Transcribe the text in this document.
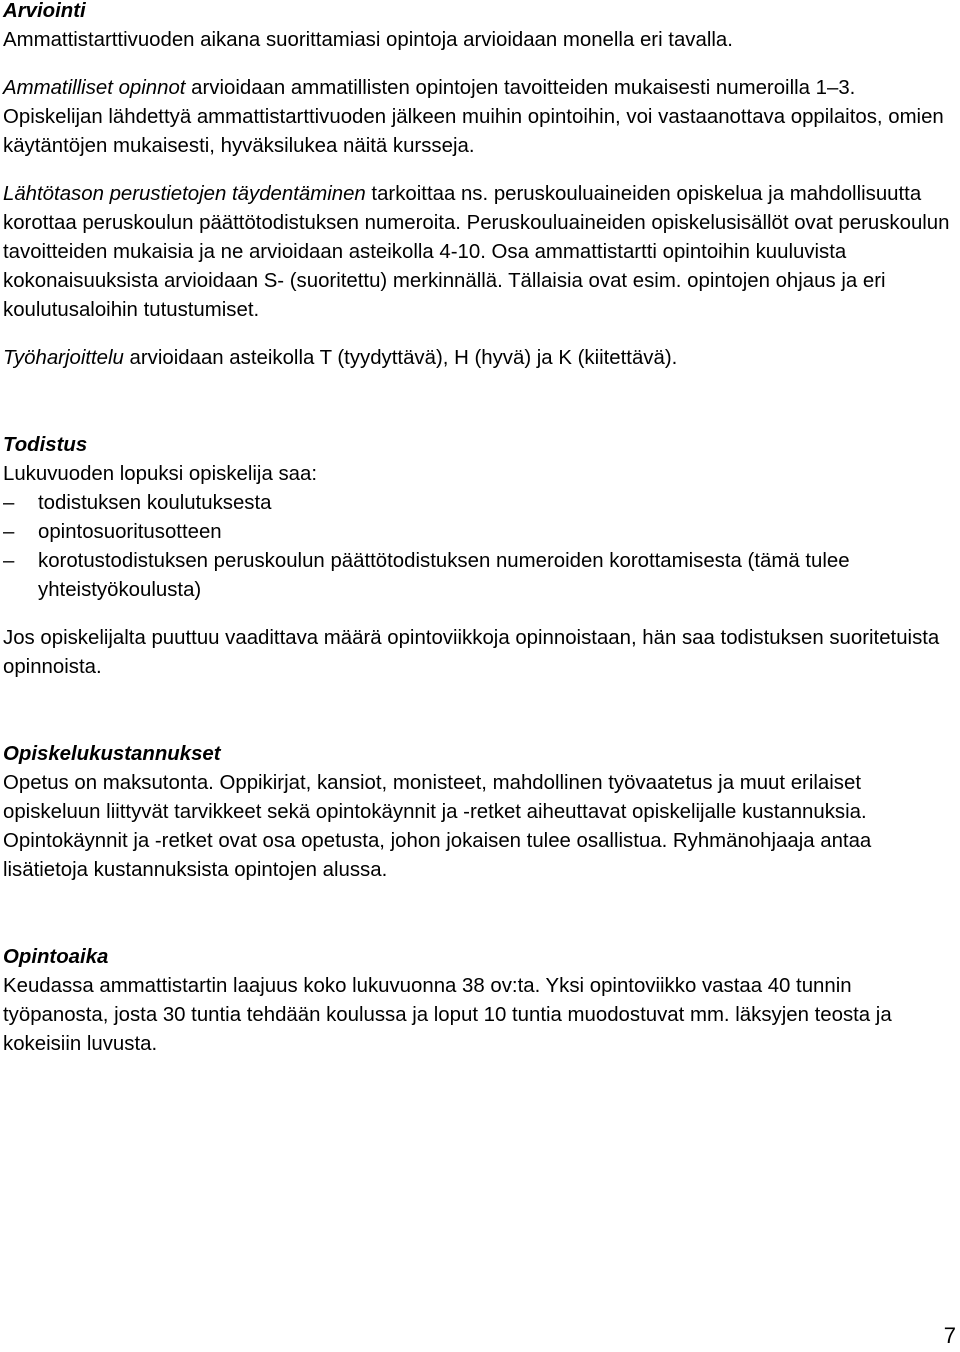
Arviointi

Ammattistarttivuoden aikana suorittamiasi opintoja arvioidaan monella eri tavalla.

Ammatilliset opinnot arvioidaan ammatillisten opintojen tavoitteiden mukaisesti numeroilla 1–3. Opiskelijan lähdettyä ammattistarttivuoden jälkeen muihin opintoihin, voi vastaanottava oppilaitos, omien käytäntöjen mukaisesti, hyväksilukea näitä kursseja.

Lähtötason perustietojen täydentäminen tarkoittaa ns. peruskouluaineiden opiskelua ja mahdollisuutta korottaa peruskoulun päättötodistuksen numeroita. Peruskouluaineiden opiskelusisällöt ovat peruskoulun tavoitteiden mukaisia ja ne arvioidaan asteikolla 4-10. Osa ammattistartti opintoihin kuuluvista kokonaisuuksista arvioidaan S- (suoritettu) merkinnällä. Tällaisia ovat esim. opintojen ohjaus ja eri koulutusaloihin tutustumiset.

Työharjoittelu arvioidaan asteikolla T (tyydyttävä), H (hyvä) ja K (kiitettävä).

Todistus

Lukuvuoden lopuksi opiskelija saa:

– todistuksen koulutuksesta
– opintosuoritusotteen
– korotustodistuksen peruskoulun päättötodistuksen numeroiden korottamisesta (tämä tulee yhteistyökoulusta)

Jos opiskelijalta puuttuu vaadittava määrä opintoviikkoja opinnoistaan, hän saa todistuksen suoritetuista opinnoista.

Opiskelukustannukset

Opetus on maksutonta. Oppikirjat, kansiot, monisteet, mahdollinen työvaatetus ja muut erilaiset opiskeluun liittyvät tarvikkeet sekä opintokäynnit ja -retket aiheuttavat opiskelijalle kustannuksia. Opintokäynnit ja -retket ovat osa opetusta, johon jokaisen tulee osallistua. Ryhmänohjaaja antaa lisätietoja kustannuksista opintojen alussa.

Opintoaika

Keudassa ammattistartin laajuus koko lukuvuonna 38 ov:ta. Yksi opintoviikko vastaa 40 tunnin työpanosta, josta 30 tuntia tehdään koulussa ja loput 10 tuntia muodostuvat mm. läksyjen teosta ja kokeisiin luvusta.

7
